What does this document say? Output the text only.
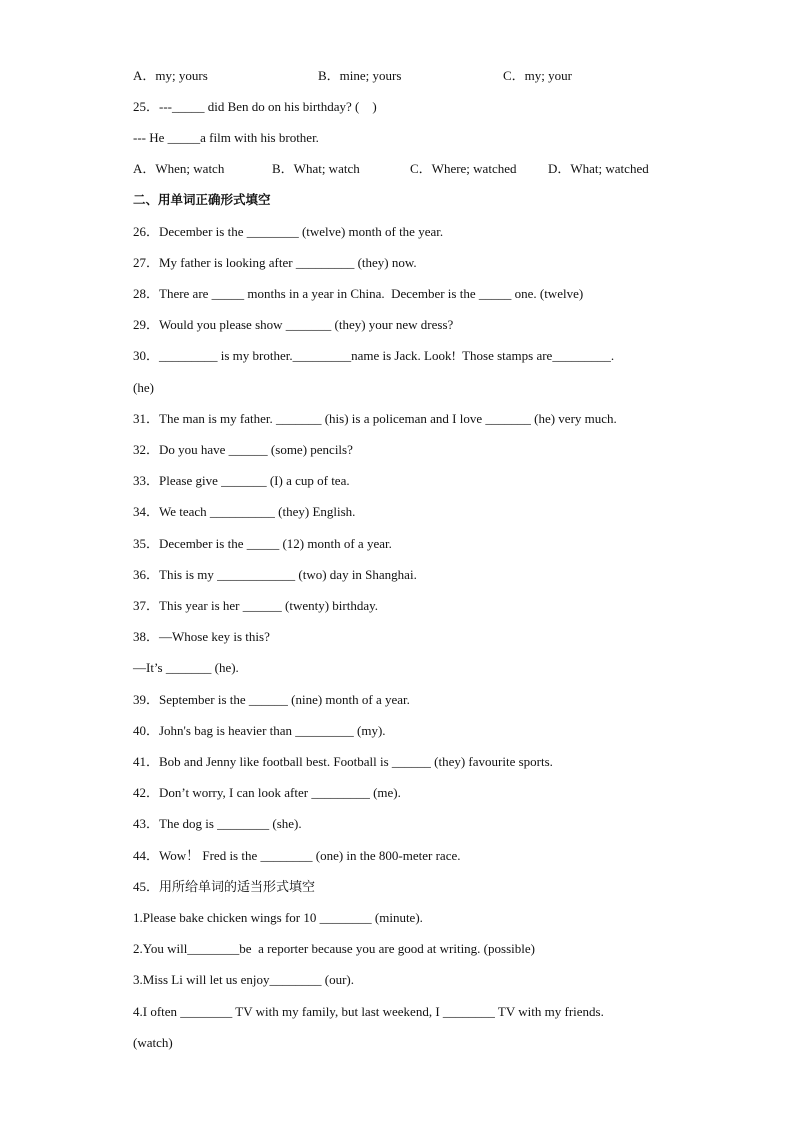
A．my; yours	B．mine; yours	C．my; your
25．---_____ did Ben do on his birthday? (　)
--- He _____a film with his brother.
A．When; watch	B．What; watch	C．Where; watched D．What; watched
二、用单词正确形式填空
26．December is the ________ (twelve) month of the year.
27．My father is looking after _________ (they) now.
28．There are _____ months in a year in China.  December is the _____ one. (twelve)
29．Would you please show _______ (they) your new dress?
30．_________ is my brother._________name is Jack. Look!  Those stamps are_________.
(he)
31．The man is my father. _______ (his) is a policeman and I love _______ (he) very much.
32．Do you have ______ (some) pencils?
33．Please give _______ (I) a cup of tea.
34．We teach __________ (they) English.
35．December is the _____ (12) month of a year.
36．This is my ____________ (two) day in Shanghai.
37．This year is her ______ (twenty) birthday.
38．—Whose key is this?
—It’s _______ (he).
39．September is the ______ (nine) month of a year.
40．John's bag is heavier than _________ (my).
41．Bob and Jenny like football best. Football is ______ (they) favourite sports.
42．Don’t worry, I can look after _________ (me).
43．The dog is ________ (she).
44．Wow！ Fred is the ________ (one) in the 800-meter race.
45．用所给单词的适当形式填空
1.Please bake chicken wings for 10 ________ (minute).
2.You will________be  a reporter because you are good at writing. (possible)
3.Miss Li will let us enjoy________ (our).
4.I often ________ TV with my family, but last weekend, I ________ TV with my friends.
(watch)
